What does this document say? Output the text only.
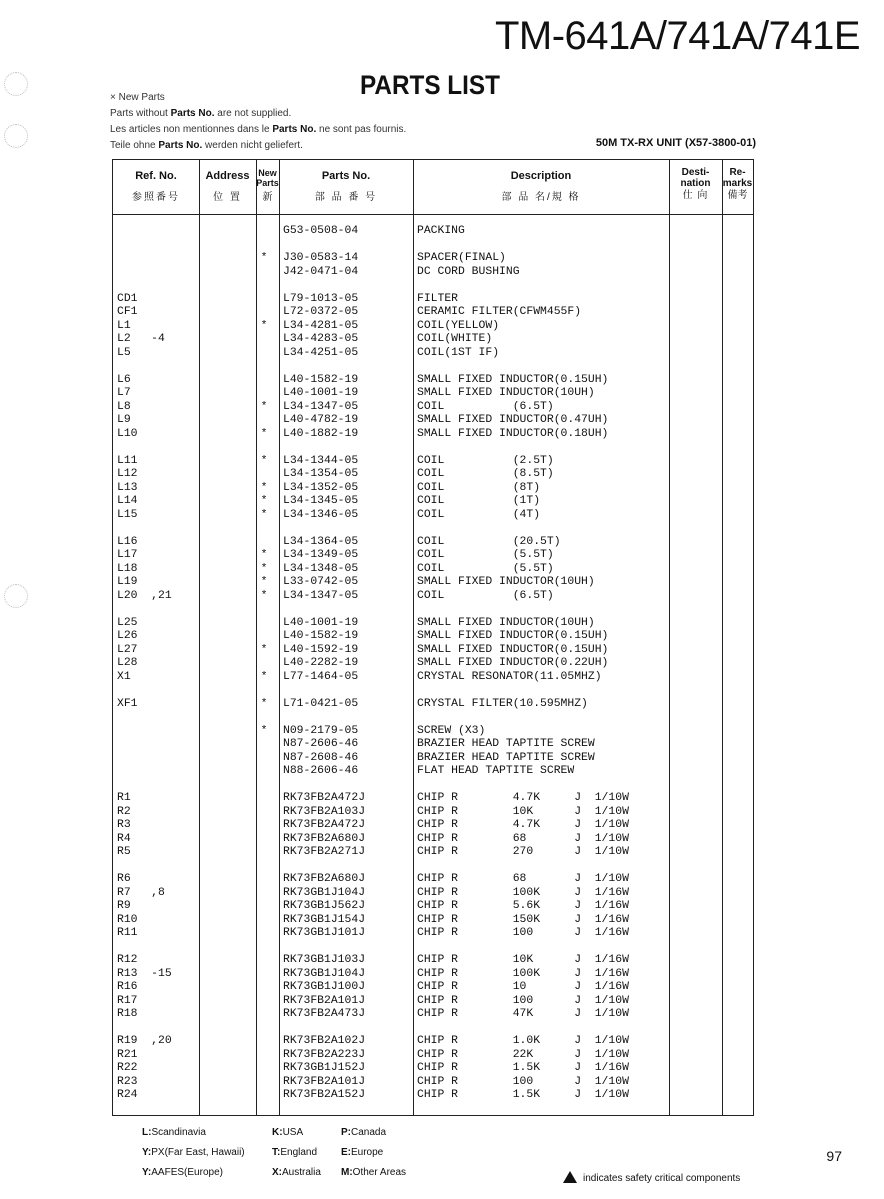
TM-641A/741A/741E
PARTS LIST
× New Parts
Parts without Parts No. are not supplied.
Les articles non mentionnes dans le Parts No. ne sont pas fournis.
Teile ohne Parts No. werden nicht geliefert.	50M TX-RX UNIT (X57-3800-01)
Ref. No.
参照番号
Address
位 置
New Parts
新
Parts No.
部 品 番 号
Description
部 品 名/規 格
Desti- nation
仕 向
Re- marks
備考
G53-0508-04	PACKING
* J30-0583-14	SPACER(FINAL)
J42-0471-04	DC CORD BUSHING
CD1	L79-1013-05	FILTER
CF1	L72-0372-05	CERAMIC FILTER(CFWM455F)
L1	* L34-4281-05	COIL(YELLOW)
L2   -4	L34-4283-05	COIL(WHITE)
L5	L34-4251-05	COIL(1ST IF)
L6	L40-1582-19	SMALL FIXED INDUCTOR(0.15UH)
L7	L40-1001-19	SMALL FIXED INDUCTOR(10UH)
L8	* L34-1347-05	COIL          (6.5T)
L9	L40-4782-19	SMALL FIXED INDUCTOR(0.47UH)
L10	* L40-1882-19	SMALL FIXED INDUCTOR(0.18UH)
L11	* L34-1344-05	COIL          (2.5T)
L12	L34-1354-05	COIL          (8.5T)
L13	* L34-1352-05	COIL          (8T)
L14	* L34-1345-05	COIL          (1T)
L15	* L34-1346-05	COIL          (4T)
L16	L34-1364-05	COIL          (20.5T)
L17	* L34-1349-05	COIL          (5.5T)
L18	* L34-1348-05	COIL          (5.5T)
L19	* L33-0742-05	SMALL FIXED INDUCTOR(10UH)
L20  ,21	* L34-1347-05	COIL          (6.5T)
L25	L40-1001-19	SMALL FIXED INDUCTOR(10UH)
L26	L40-1582-19	SMALL FIXED INDUCTOR(0.15UH)
L27	* L40-1592-19	SMALL FIXED INDUCTOR(0.15UH)
L28	L40-2282-19	SMALL FIXED INDUCTOR(0.22UH)
X1	* L77-1464-05	CRYSTAL RESONATOR(11.05MHZ)
XF1	* L71-0421-05	CRYSTAL FILTER(10.595MHZ)
* N09-2179-05	SCREW (X3)
N87-2606-46	BRAZIER HEAD TAPTITE SCREW
N87-2608-46	BRAZIER HEAD TAPTITE SCREW
N88-2606-46	FLAT HEAD TAPTITE SCREW
R1	RK73FB2A472J	CHIP R        4.7K     J  1/10W
R2	RK73FB2A103J	CHIP R        10K      J  1/10W
R3	RK73FB2A472J	CHIP R        4.7K     J  1/10W
R4	RK73FB2A680J	CHIP R        68       J  1/10W
R5	RK73FB2A271J	CHIP R        270      J  1/10W
R6	RK73FB2A680J	CHIP R        68       J  1/10W
R7   ,8	RK73GB1J104J	CHIP R        100K     J  1/16W
R9	RK73GB1J562J	CHIP R        5.6K     J  1/16W
R10	RK73GB1J154J	CHIP R        150K     J  1/16W
R11	RK73GB1J101J	CHIP R        100      J  1/16W
R12	RK73GB1J103J	CHIP R        10K      J  1/16W
R13  -15	RK73GB1J104J	CHIP R        100K     J  1/16W
R16	RK73GB1J100J	CHIP R        10       J  1/16W
R17	RK73FB2A101J	CHIP R        100      J  1/10W
R18	RK73FB2A473J	CHIP R        47K      J  1/10W
R19  ,20	RK73FB2A102J	CHIP R        1.0K     J  1/10W
R21	RK73FB2A223J	CHIP R        22K      J  1/10W
R22	RK73GB1J152J	CHIP R        1.5K     J  1/16W
R23	RK73FB2A101J	CHIP R        100      J  1/10W
R24	RK73FB2A152J	CHIP R        1.5K     J  1/10W
L:Scandinavia	K:USA	P:Canada
Y:PX(Far East, Hawaii)	T:England E:Europe
Y:AAFES(Europe)	X:Australia M:Other Areas
97
indicates safety critical components
